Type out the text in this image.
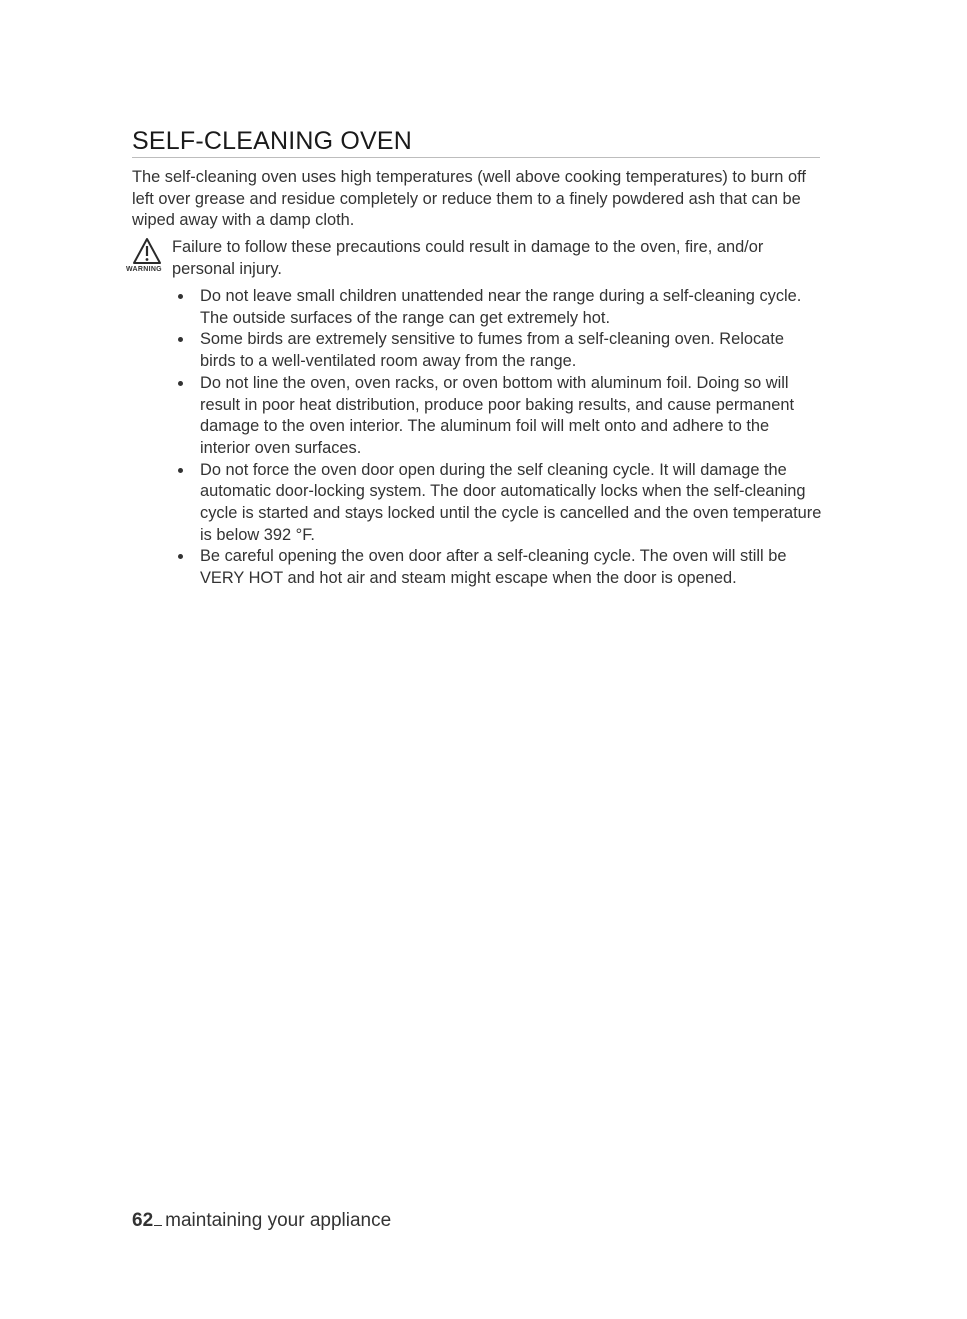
SELF-CLEANING OVEN

The self-cleaning oven uses high temperatures (well above cooking temperatures) to burn off left over grease and residue completely or reduce them to a finely powdered ash that can be wiped away with a damp cloth.

WARNING

Failure to follow these precautions could result in damage to the oven, fire, and/or personal injury.

Do not leave small children unattended near the range during a self-cleaning cycle. The outside surfaces of the range can get extremely hot.
Some birds are extremely sensitive to fumes from a self-cleaning oven. Relocate birds to a well-ventilated room away from the range.
Do not line the oven, oven racks, or oven bottom with aluminum foil. Doing so will result in poor heat distribution, produce poor baking results, and cause permanent damage to the oven interior. The aluminum foil will melt onto and adhere to the interior oven surfaces.
Do not force the oven door open during the self cleaning cycle. It will damage the automatic door-locking system. The door automatically locks when the self-cleaning cycle is started and stays locked until the cycle is cancelled and the oven temperature is below 392 °F.
Be careful opening the oven door after a self-cleaning cycle. The oven will still be VERY HOT and hot air and steam might escape when the door is opened.
62 maintaining your appliance
